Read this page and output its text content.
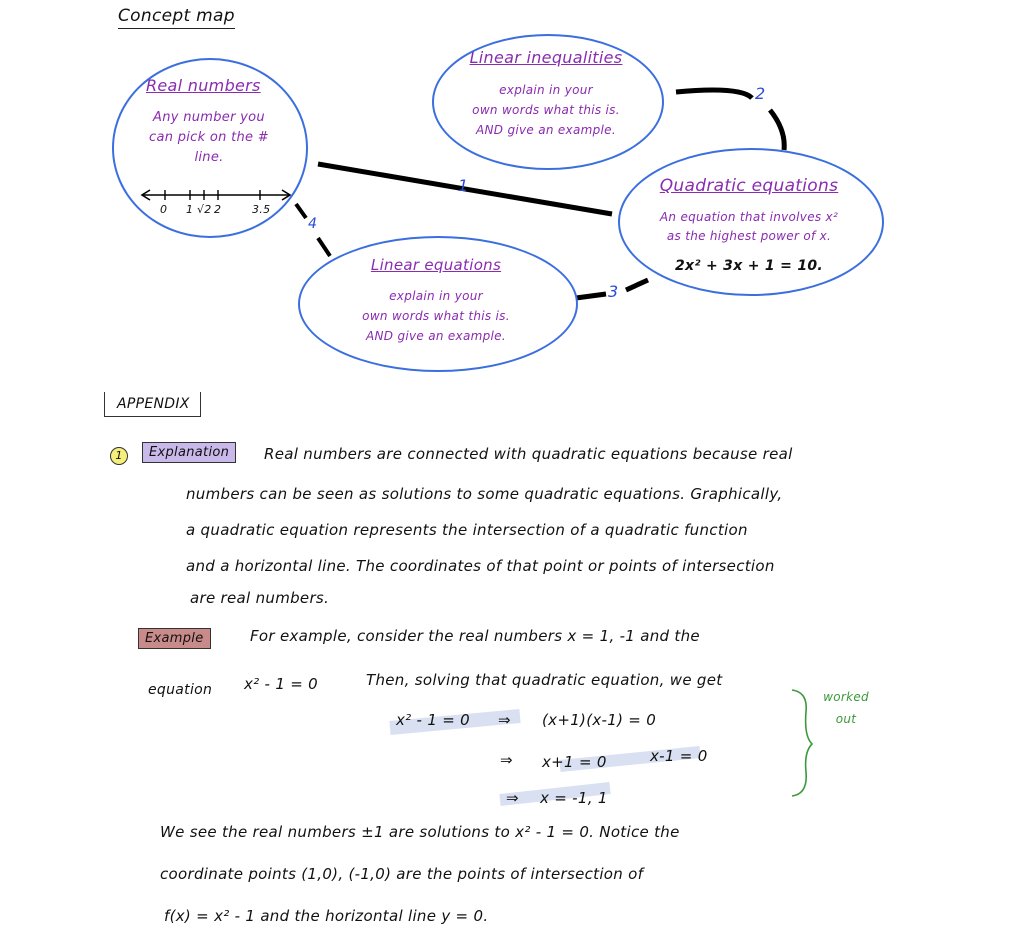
Concept map
Real numbers
Any number you
can pick on the #
line.
0 1 √2 2	3.5
Linear inequalities
explain in your
own words what this is.
AND give an example.
Quadratic equations
An equation that involves x²
as the highest power of x.
2x² + 3x + 1 = 10.
Linear equations
explain in your
own words what this is.
AND give an example.
1
2
3
4
APPENDIX
1	Explanation	Real numbers are connected with quadratic equations because real
numbers can be seen as solutions to some quadratic equations. Graphically,
a quadratic equation represents the intersection of a quadratic function
and a horizontal line. The coordinates of that point or points of intersection
are real numbers.
Example	For example, consider the real numbers x = 1, -1 and the
equation x² - 1 = 0	Then, solving that quadratic equation, we get
x² - 1 = 0 ⇒ (x+1)(x-1) = 0
⇒ x+1 = 0	x-1 = 0
⇒ x = -1, 1
worked out
We see the real numbers ±1 are solutions to x² - 1 = 0. Notice the
coordinate points (1,0), (-1,0) are the points of intersection of
f(x) = x² - 1 and the horizontal line y = 0.
